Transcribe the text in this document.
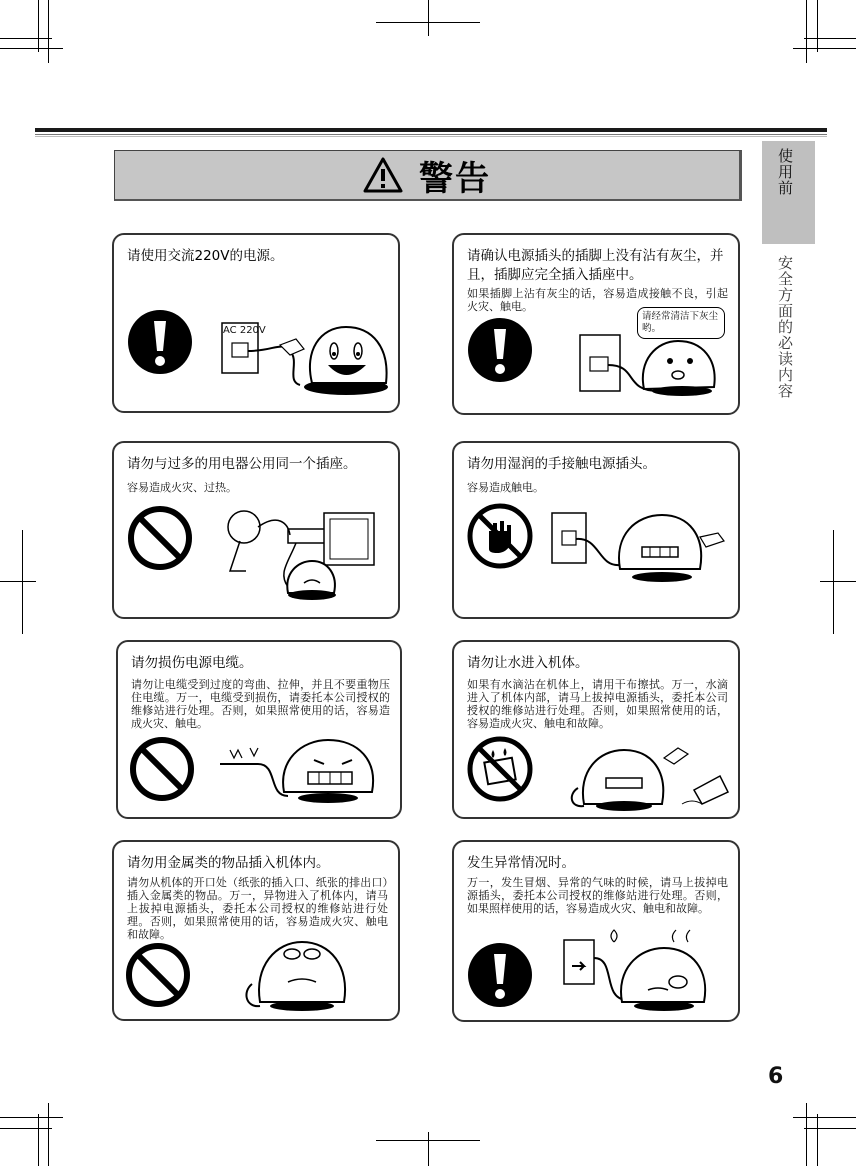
使用前
安全方面的必读内容
警告
请使用交流220V的电源。
AC 220V
请确认电源插头的插脚上没有沾有灰尘，并且，插脚应完全插入插座中。
如果插脚上沾有灰尘的话，容易造成接触不良，引起火灾、触电。
请经常清洁下灰尘哟。
请勿与过多的用电器公用同一个插座。
容易造成火灾、过热。
请勿用湿润的手接触电源插头。
容易造成触电。
请勿损伤电源电缆。
请勿让电缆受到过度的弯曲、拉伸，并且不要重物压住电缆。万一，电缆受到损伤，请委托本公司授权的维修站进行处理。否则，如果照常使用的话，容易造成火灾、触电。
请勿让水进入机体。
如果有水滴沾在机体上，请用干布擦拭。万一，水滴进入了机体内部，请马上拔掉电源插头，委托本公司授权的维修站进行处理。否则，如果照常使用的话，容易造成火灾、触电和故障。
请勿用金属类的物品插入机体内。
请勿从机体的开口处（纸张的插入口、纸张的排出口）插入金属类的物品。万一，异物进入了机体内，请马上拔掉电源插头，委托本公司授权的维修站进行处理。否则，如果照常使用的话，容易造成火灾、触电和故障。
发生异常情况时。
万一，发生冒烟、异常的气味的时候，请马上拔掉电源插头，委托本公司授权的维修站进行处理。否则，如果照样使用的话，容易造成火灾、触电和故障。
6
